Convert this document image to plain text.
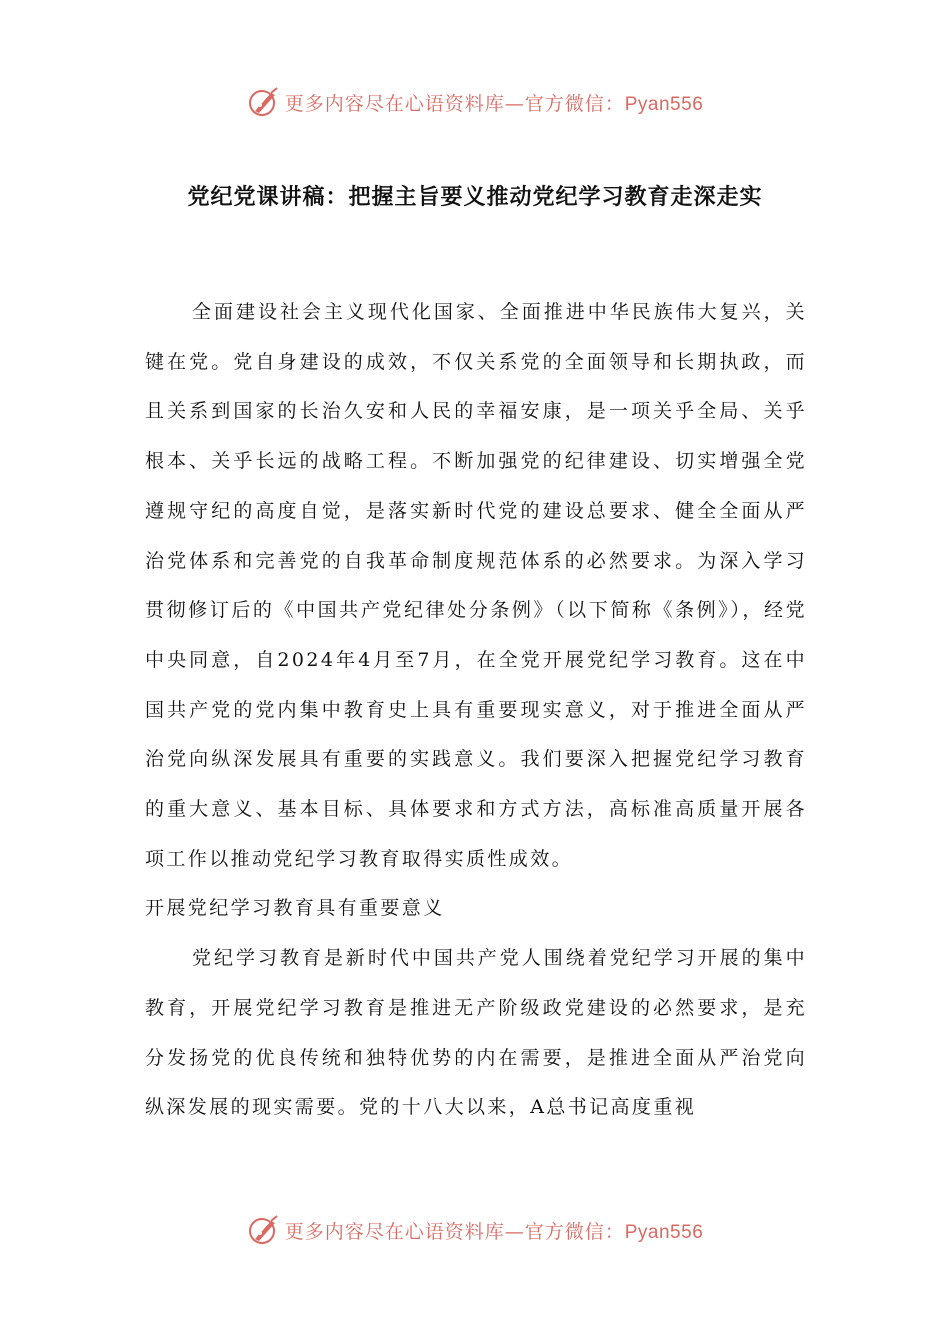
更多内容尽在心语资料库—官方微信：Pyan556
党纪党课讲稿：把握主旨要义推动党纪学习教育走深走实

全面建设社会主义现代化国家、全面推进中华民族伟大复兴，关键在党。党自身建设的成效，不仅关系党的全面领导和长期执政，而且关系到国家的长治久安和人民的幸福安康，是一项关乎全局、关乎根本、关乎长远的战略工程。不断加强党的纪律建设、切实增强全党遵规守纪的高度自觉，是落实新时代党的建设总要求、健全全面从严治党体系和完善党的自我革命制度规范体系的必然要求。为深入学习贯彻修订后的《中国共产党纪律处分条例》（以下简称《条例》），经党中央同意，自2024年4月至7月，在全党开展党纪学习教育。这在中国共产党的党内集中教育史上具有重要现实意义，对于推进全面从严治党向纵深发展具有重要的实践意义。我们要深入把握党纪学习教育的重大意义、基本目标、具体要求和方式方法，高标准高质量开展各项工作以推动党纪学习教育取得实质性成效。

开展党纪学习教育具有重要意义

党纪学习教育是新时代中国共产党人围绕着党纪学习开展的集中教育，开展党纪学习教育是推进无产阶级政党建设的必然要求，是充分发扬党的优良传统和独特优势的内在需要，是推进全面从严治党向纵深发展的现实需要。党的十八大以来，A总书记高度重视

更多内容尽在心语资料库—官方微信：Pyan556
